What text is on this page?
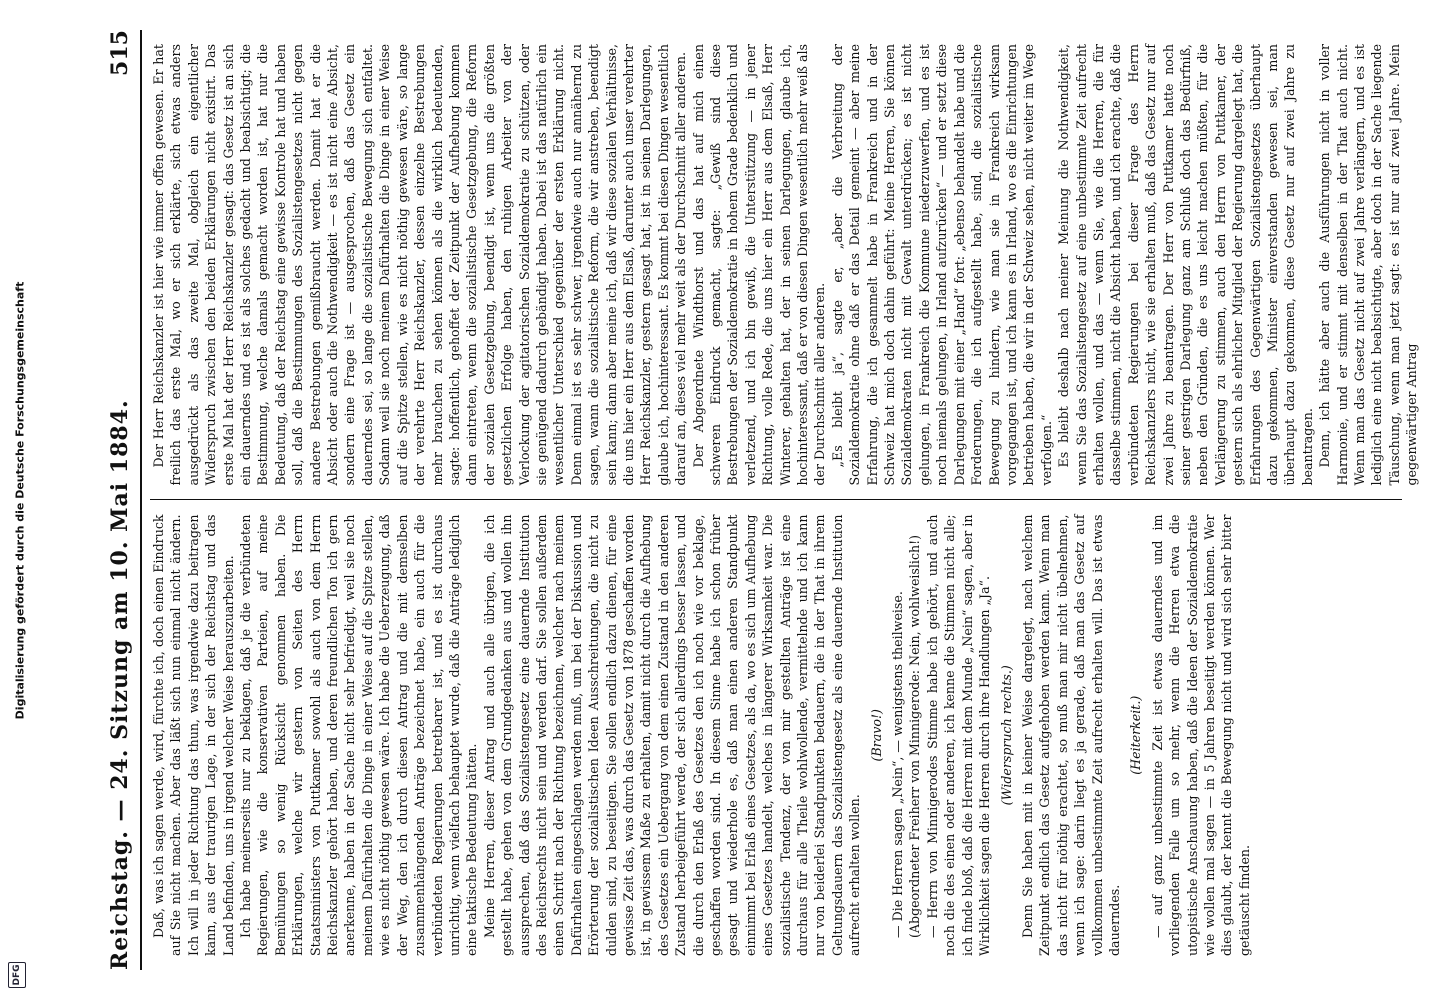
Digitalisierung gefördert durch die Deutsche Forschungsgemeinschaft
DFG
Reichstag. — 24. Sitzung am 10. Mai 1884.
515

Daß, was ich sagen werde, wird, fürchte ich, doch einen Eindruck auf Sie nicht machen. Aber das läßt sich nun einmal nicht ändern. Ich will in jeder Richtung das thun, was irgendwie dazu beitragen kann, aus der traurigen Lage, in der sich der Reichstag und das Land befinden, uns in irgend welcher Weise herauszuarbeiten. Ich habe meinerseits nur zu beklagen, daß je die verbündeten Regierungen, wie die konservativen Parteien, auf meine Bemühungen so wenig Rücksicht genommen haben. Die Erklärungen, welche wir gestern von Seiten des Herrn Staatsministers von Puttkamer sowohl als auch von dem Herrn Reichskanzler gehört haben, und deren freundlichen Ton ich gern anerkenne, haben in der Sache nicht sehr befriedigt, weil sie noch meinem Dafürhalten die Dinge in einer Weise auf die Spitze stellen, wie es nicht nöthig gewesen wäre. Ich habe die Ueberzeugung, daß der Weg, den ich durch diesen Antrag und die mit demselben zusammenhängenden Anträge bezeichnet habe, ein auch für die verbündeten Regierungen betretbarer ist, und es ist durchaus unrichtig, wenn vielfach behauptet wurde, daß die Anträge lediglich eine taktische Bedeutung hätten. Meine Herren, dieser Antrag und auch alle übrigen, die ich gestellt habe, gehen von dem Grundgedanken aus und wollen ihn aussprechen, daß das Sozialistengesetz eine dauernde Institution des Reichsrechts nicht sein und werden darf. Sie sollen außerdem einen Schritt nach der Richtung bezeichnen, welcher nach meinem Dafürhalten eingeschlagen werden muß, um bei der Diskussion und Erörterung der sozialistischen Ideen Ausschreitungen, die nicht zu dulden sind, zu beseitigen. Sie sollen endlich dazu dienen, für eine gewisse Zeit das, was durch das Gesetz von 1878 geschaffen worden ist, in gewissem Maße zu erhalten, damit nicht durch die Aufhebung des Gesetzes ein Uebergang von dem einen Zustand in den anderen Zustand herbeigeführt werde, der sich allerdings besser lassen, und die durch den Erlaß des Gesetzes den ich noch wie vor beklage, geschaffen worden sind. In diesem Sinne habe ich schon früher gesagt und wiederhole es, daß man einen anderen Standpunkt einnimmt bei Erlaß eines Gesetzes, als da, wo es sich um Aufhebung eines Gesetzes handelt, welches in längerer Wirksamkeit war. Die sozialistische Tendenz, der von mir gestellten Anträge ist eine durchaus für alle Theile wohlwollende, vermittelnde und ich kann nur von beiderlei Standpunkten bedauern, die in der That in ihrem Geltungsdauern das Sozialistengesetz als eine dauernde Institution aufrecht erhalten wollen.

(Bravo!) — Die Herren sagen „Nein“, — wenigstens theilweise. (Abgeordneter Freiherr von Minnigerode: Nein, wohlweislich!) — Herrn von Minnigerodes Stimme habe ich gehört, und auch noch die des einen oder anderen, ich kenne die Stimmen nicht alle; ich finde bloß, daß die Herren mit dem Munde „Nein“ sagen, aber in Wirklichkeit sagen die Herren durch ihre Handlungen „Ja“. (Widerspruch rechts.) Denn Sie haben mit in keiner Weise dargelegt, nach welchem Zeitpunkt endlich das Gesetz aufgehoben werden kann. Wenn man das nicht für nöthig erachtet, so muß man mir nicht übelnehmen, wenn ich sage: darin liegt es ja gerade, daß man das Gesetz auf vollkommen unbestimmte Zeit aufrecht erhalten will. Das ist etwas dauerndes.

(Heiterkeit.) — auf ganz unbestimmte Zeit ist etwas dauerndes und im vorliegenden Falle um so mehr, wenn die Herren etwa die utopistische Anschauung haben, daß die Ideen der Sozialdemokratie wie wollen mal sagen — in 5 Jahren beseitigt werden können. Wer dies glaubt, der kennt die Bewegung nicht und wird sich sehr bitter getäuscht finden.

Der Herr Reichskanzler ist hier wie immer offen gewesen. Er hat freilich das erste Mal, wo er sich erklärte, sich etwas anders ausgedrückt als das zweite Mal, obgleich ein eigentlicher Widerspruch zwischen den beiden Erklärungen nicht existirt. Das erste Mal hat der Herr Reichskanzler gesagt: das Gesetz ist an sich ein dauerndes und es ist als solches gedacht und beabsichtigt; die Bestimmung, welche damals gemacht worden ist, hat nur die Bedeutung, daß der Reichstag eine gewisse Kontrole hat und haben soll, daß die Bestimmungen des Sozialistengesetzes nicht gegen andere Bestrebungen gemißbraucht werden. Damit hat er die Absicht oder auch die Nothwendigkeit — es ist nicht eine Absicht, sondern eine Frage ist — ausgesprochen, daß das Gesetz ein dauerndes sei, so lange die sozialistische Bewegung sich entfaltet. Sodann weil sie noch meinem Dafürhalten die Dinge in einer Weise auf die Spitze stellen, wie es nicht nöthig gewesen wäre, so lange der verehrte Herr Reichskanzler, dessen einzelne Bestrebungen mehr brauchen zu sehen können als die wirklich bedeutenden, sagte: hoffentlich, gehoffet der Zeitpunkt der Aufhebung kommen dann eintreten, wenn die sozialistische Gesetzgebung, die Reform der sozialen Gesetzgebung, beendigt ist, wenn uns die größten gesetzlichen Erfolge haben, den ruhigen Arbeiter von der Verlockung der agitatorischen Sozialdemokratie zu schützen, oder sie genügend dadurch gebändigt haben. Dabei ist das natürlich ein wesentlicher Unterschied gegenüber der ersten Erklärung nicht. Denn einmal ist es sehr schwer, irgendwie auch nur annähernd zu sagen, wann die sozialistische Reform, die wir anstreben, beendigt sein kann; dann aber meine ich, daß wir diese sozialen Verhältnisse, die uns hier ein Herr aus dem Elsaß, darunter auch unser verehrter Herr Reichskanzler, gestern gesagt hat, ist in seinen Darlegungen, glaube ich, hochinteressant. Es kommt bei diesen Dingen wesentlich darauf an, dieses viel mehr weit als der Durchschnitt aller anderen. Der Abgeordnete Windthorst und das hat auf mich einen schweren Eindruck gemacht, sagte: „Gewiß sind diese Bestrebungen der Sozialdemokratie in hohem Grade bedenklich und verletzend, und ich bin gewiß, die Unterstützung — in jener Richtung, volle Rede, die uns hier ein Herr aus dem Elsaß, Herr Winterer, gehalten hat, der in seinen Darlegungen, glaube ich, hochinteressant, daß er von diesen Dingen wesentlich mehr weiß als der Durchschnitt aller anderen. „Es bleibt ja“, sagte er, „aber die Verbreitung der Sozialdemokratie ohne daß er das Detail gemeint — aber meine Erfahrung, die ich gesammelt habe in Frankreich und in der Schweiz hat mich doch dahin geführt: Meine Herren, Sie können Sozialdemokraten nicht mit Gewalt unterdrücken; es ist nicht gelungen, in Frankreich die Kommune niederzuwerfen, und es ist noch niemals gelungen, in Irland aufzurücken“ — und er setzt diese Darlegungen mit einer „Hand“ fort: „ebenso behandelt habe und die Forderungen, die ich aufgestellt habe, sind, die sozialistische Bewegung zu hindern, wie man sie in Frankreich wirksam vorgegangen ist, und ich kann es in Irland, wo es die Einrichtungen betrieben haben, die wir in der Schweiz sehen, nicht weiter im Wege verfolgen.“ Es bleibt deshalb nach meiner Meinung die Nothwendigkeit, wenn Sie das Sozialistengesetz auf eine unbestimmte Zeit aufrecht erhalten wollen, und das — wenn Sie, wie die Herren, die für dasselbe stimmen, nicht die Absicht haben, und ich erachte, daß die verbündeten Regierungen bei dieser Frage des Herrn Reichskanzlers nicht, wie sie erhalten muß, daß das Gesetz nur auf zwei Jahre zu beantragen. Der Herr von Puttkamer hatte noch seiner gestrigen Darlegung ganz am Schluß doch das Bedürfniß, neben den Gründen, die es uns leicht machen müßten, für die Verlängerung zu stimmen, auch den Herrn von Puttkamer, der gestern sich als ehrlicher Mitglied der Regierung dargelegt hat, die Erfahrungen des Gegenwärtigen Sozialistengesetzes überhaupt dazu gekommen, Minister einverstanden gewesen sei, man überhaupt dazu gekommen, diese Gesetz nur auf zwei Jahre zu beantragen. Denn, ich hätte aber auch die Ausführungen nicht in voller Harmonie, und er stimmt mit denselben in der That auch nicht. Wenn man das Gesetz nicht auf zwei Jahre verlängern, und es ist lediglich eine nicht beabsichtigte, aber doch in der Sache liegende Täuschung, wenn man jetzt sagt: es ist nur auf zwei Jahre. Mein gegenwärtiger Antrag
